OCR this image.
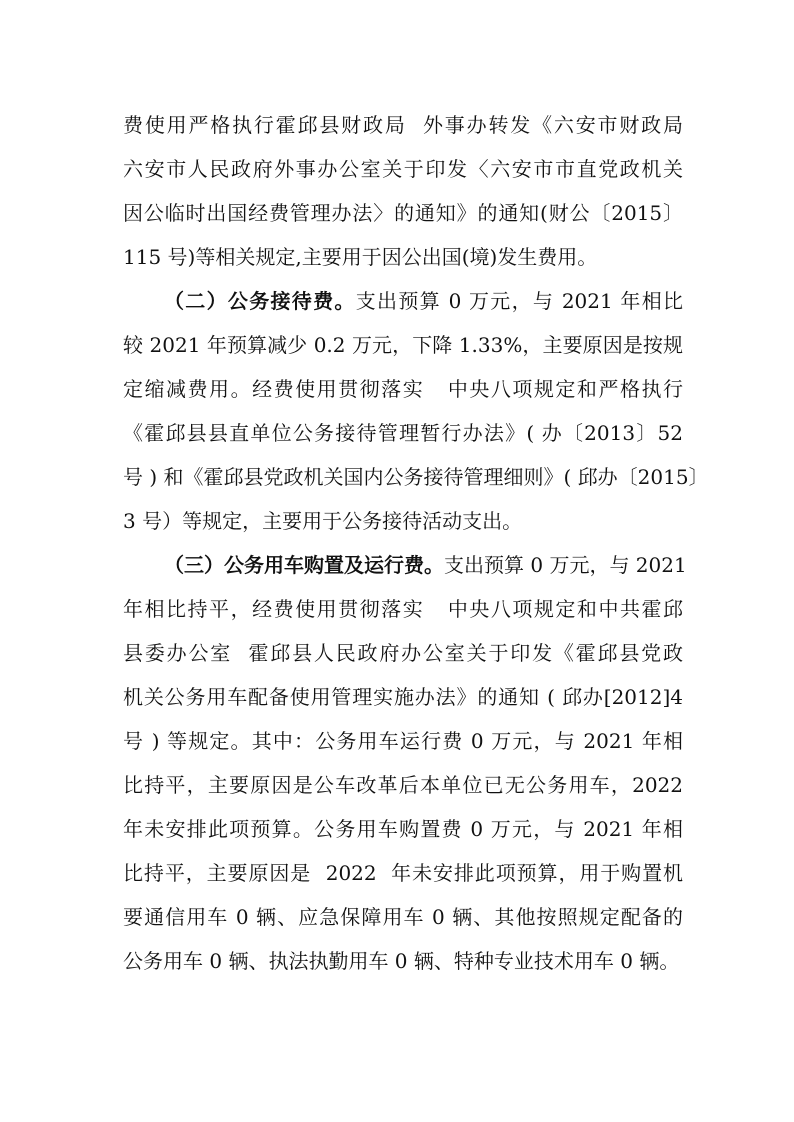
费使用严格执行霍邱县财政局  外事办转发《六安市财政局
六安市人民政府外事办公室关于印发〈六安市市直党政机关
因公临时出国经费管理办法〉的通知》的通知(财公〔2015〕
115 号)等相关规定,主要用于因公出国(境)发生费用。
（二）公务接待费。支出预算 0 万元，与 2021 年相比
较 2021 年预算减少 0.2 万元，下降 1.33%，主要原因是按规
定缩减费用。经费使用贯彻落实   中央八项规定和严格执行
《霍邱县县直单位公务接待管理暂行办法》( 办〔2013〕52
号 ) 和《霍邱县党政机关国内公务接待管理细则》( 邱办〔2015〕
3 号）等规定，主要用于公务接待活动支出。
（三）公务用车购置及运行费。支出预算 0 万元，与 2021
年相比持平，经费使用贯彻落实   中央八项规定和中共霍邱
县委办公室  霍邱县人民政府办公室关于印发《霍邱县党政
机关公务用车配备使用管理实施办法》的通知 ( 邱办[2012]4
号 ) 等规定。其中：公务用车运行费 0 万元，与 2021 年相
比持平，主要原因是公车改革后本单位已无公务用车，2022
年未安排此项预算。公务用车购置费 0 万元，与 2021 年相
比持平，主要原因是  2022  年未安排此项预算，用于购置机
要通信用车 0 辆、应急保障用车 0 辆、其他按照规定配备的
公务用车 0 辆、执法执勤用车 0 辆、特种专业技术用车 0 辆。
